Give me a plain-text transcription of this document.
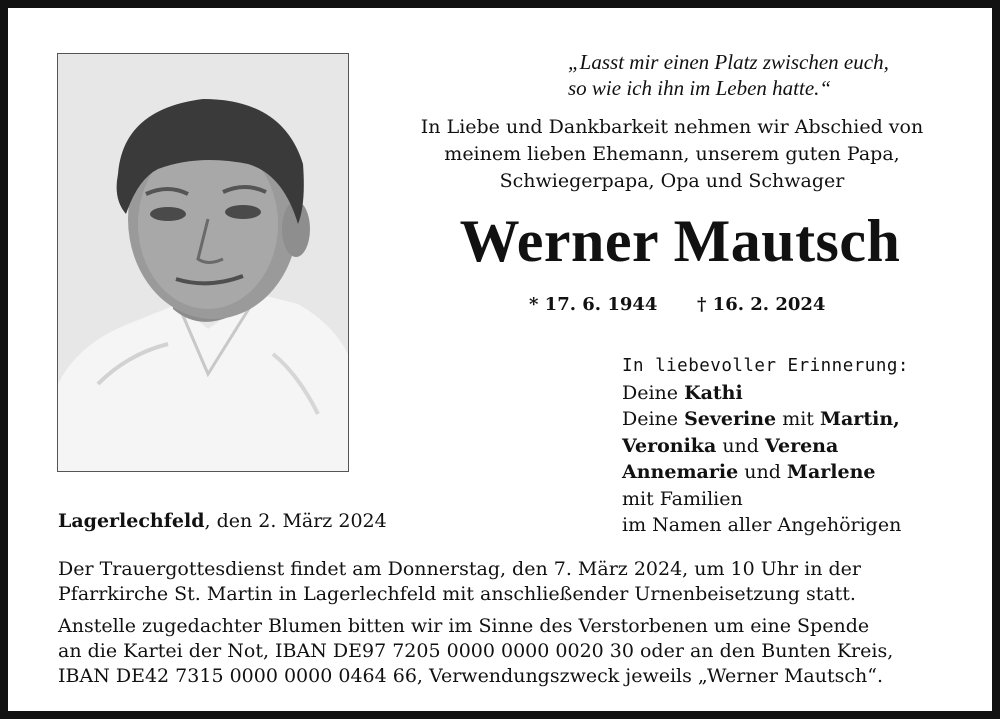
„Lasst mir einen Platz zwischen euch,
so wie ich ihn im Leben hatte.“
In Liebe und Dankbarkeit nehmen wir Abschied von
meinem lieben Ehemann, unserem guten Papa,
Schwiegerpapa, Opa und Schwager
Werner Mautsch
* 17. 6. 1944 † 16. 2. 2024
In liebevoller Erinnerung:
Deine Kathi
Deine Severine mit Martin,
Veronika und Verena
Annemarie und Marlene
mit Familien
im Namen aller Angehörigen
Lagerlechfeld, den 2. März 2024
Der Trauergottesdienst findet am Donnerstag, den 7. März 2024, um 10 Uhr in der
Pfarrkirche St. Martin in Lagerlechfeld mit anschließender Urnenbeisetzung statt.
Anstelle zugedachter Blumen bitten wir im Sinne des Verstorbenen um eine Spende
an die Kartei der Not, IBAN DE97 7205 0000 0000 0020 30 oder an den Bunten Kreis,
IBAN DE42 7315 0000 0000 0464 66, Verwendungszweck jeweils „Werner Mautsch“.
